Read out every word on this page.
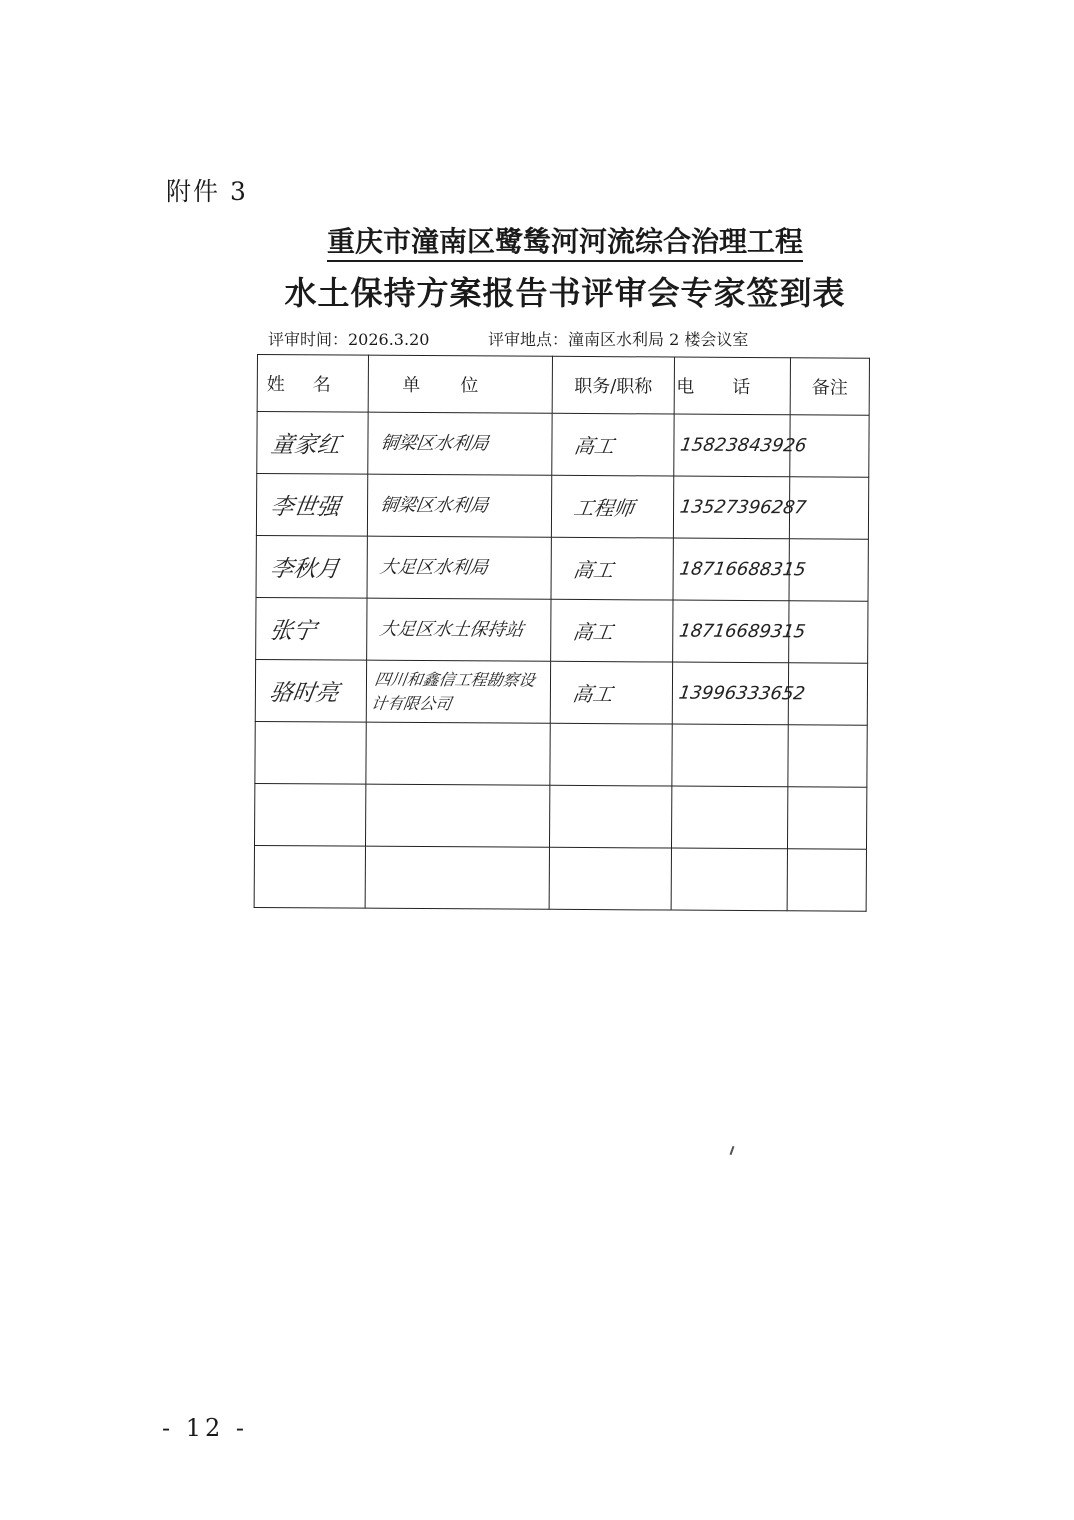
附件 3
重庆市潼南区鹭鸶河河流综合治理工程
水土保持方案报告书评审会专家签到表
评审时间：2026.3.20	评审地点：潼南区水利局 2 楼会议室
姓名	单位	职务/职称	电话	备注
童家红	铜梁区水利局	高工	15823843926	
李世强	铜梁区水利局	工程师	13527396287	
李秋月	大足区水利局	高工	18716688315	
张宁	大足区水土保持站	高工	18716689315	
骆时亮	四川和鑫信工程勘察设计有限公司	高工	13996333652	

- 12 -
